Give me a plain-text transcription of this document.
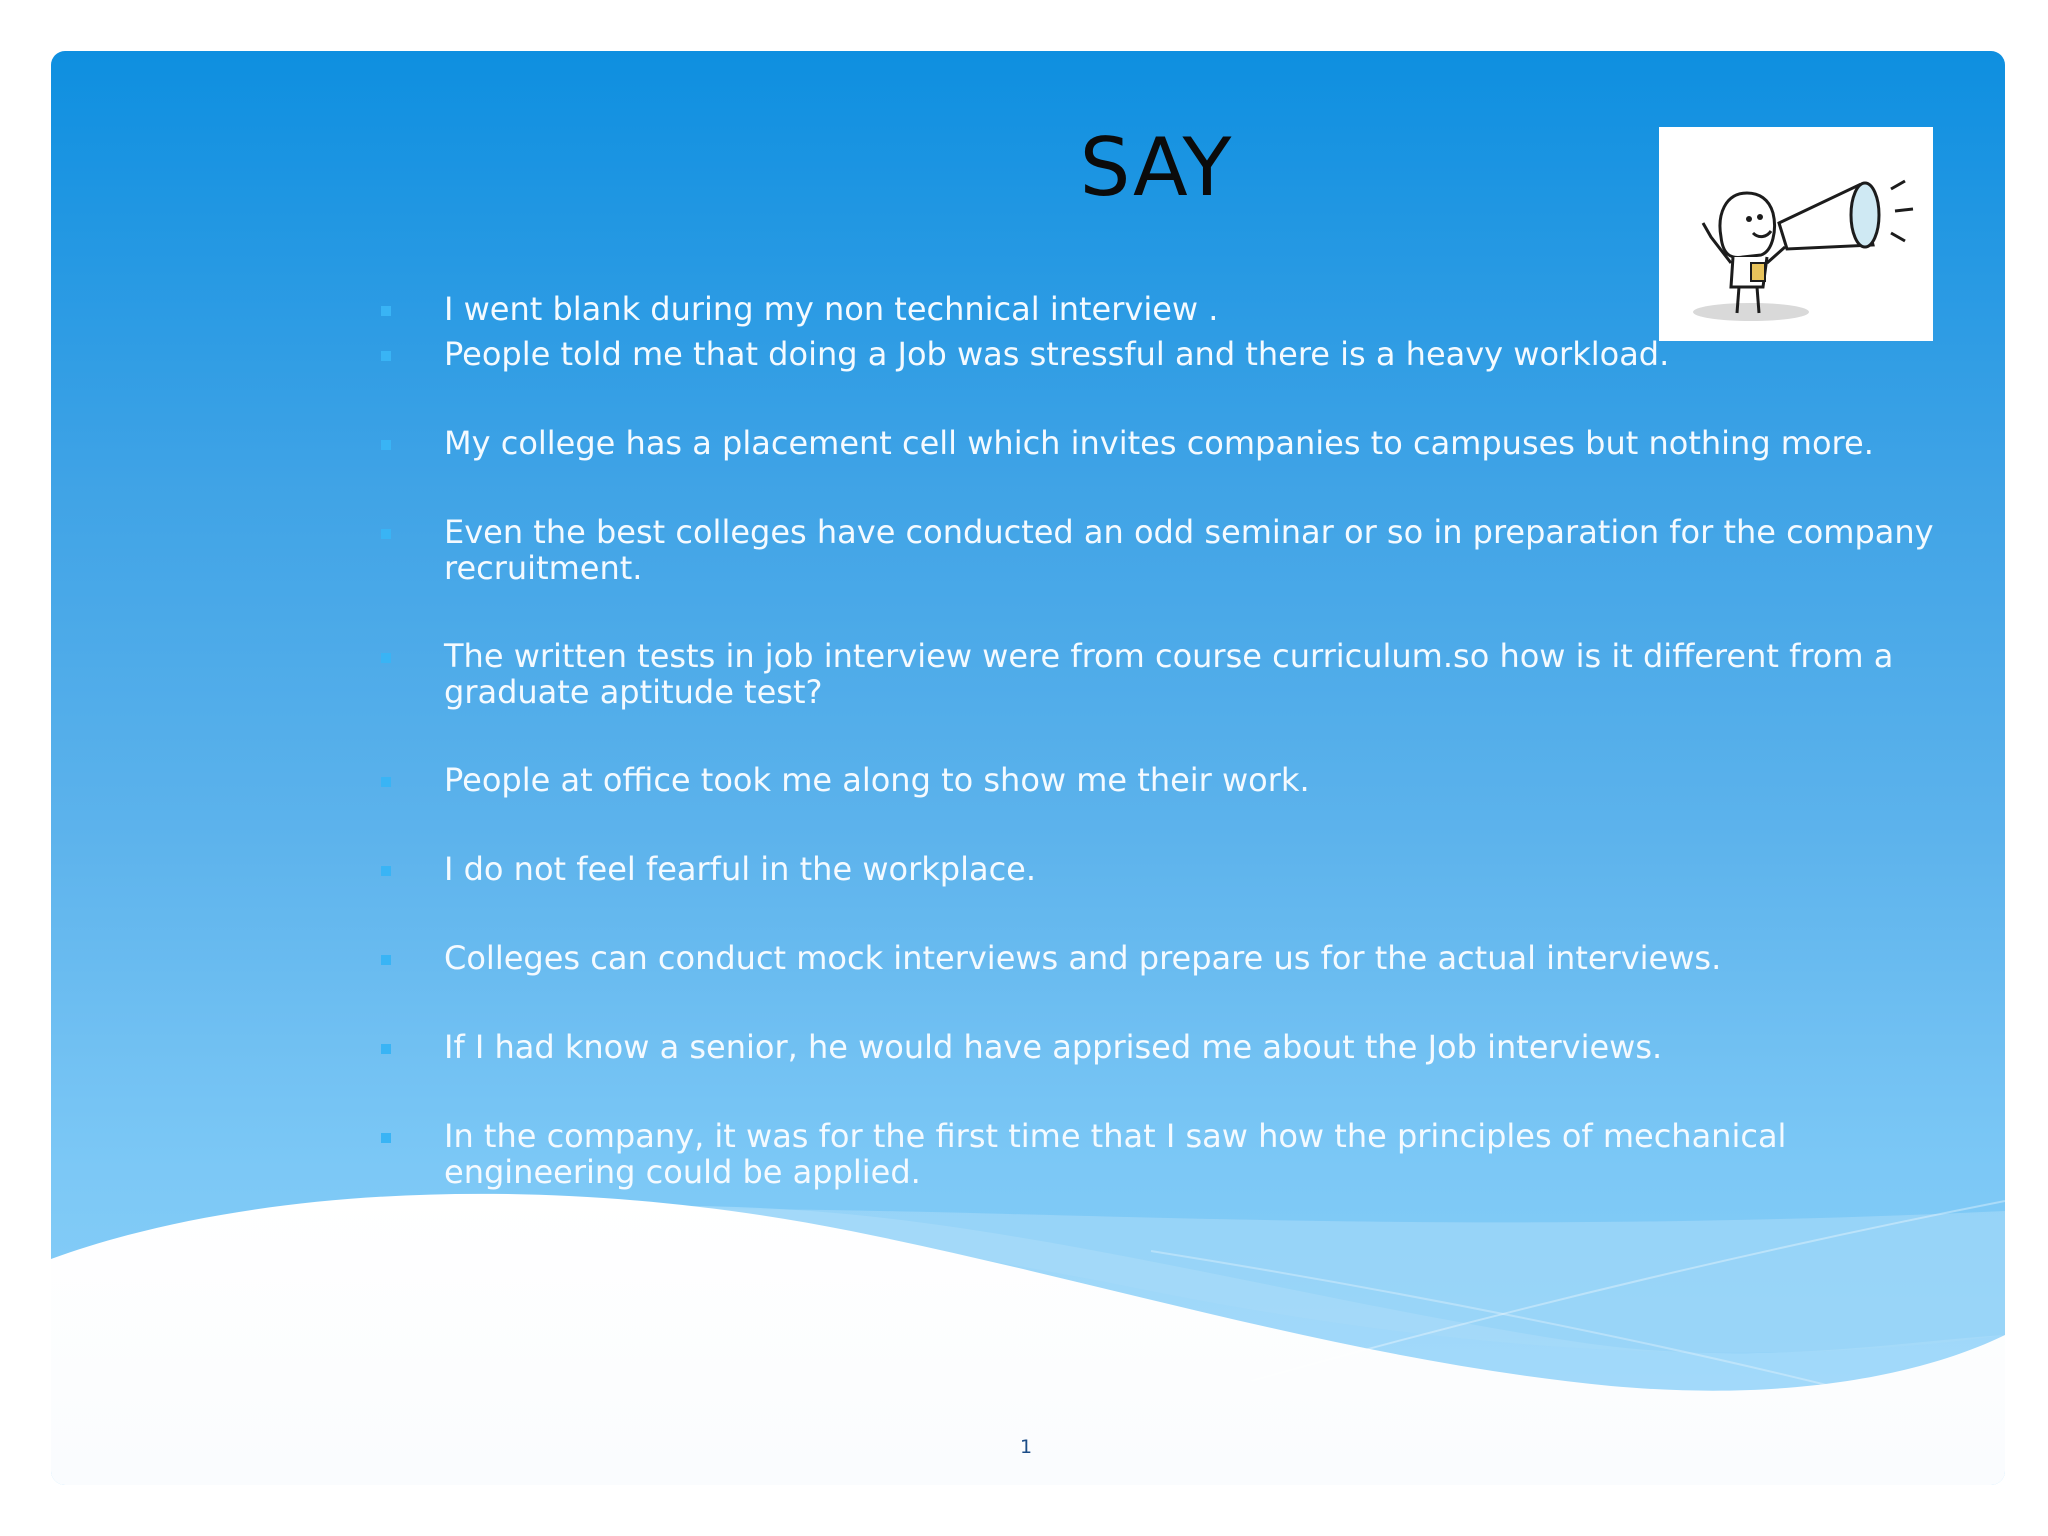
SAY
I went blank during my non technical interview .
People told me that doing a Job was stressful and there is a heavy workload.
My college has a placement cell which invites companies to campuses but nothing more.
Even the best colleges have conducted an odd seminar or so in preparation for the company recruitment.
The written tests in job interview were from course curriculum.so how is it different from a graduate aptitude test?
People at office took me along to show me their work.
I do not feel fearful in the workplace.
Colleges can conduct mock interviews and prepare us for the actual interviews.
If I had know a senior, he would have apprised me about the Job interviews.
In the company, it was for the first time that I saw how the principles of mechanical engineering could be applied.
1
